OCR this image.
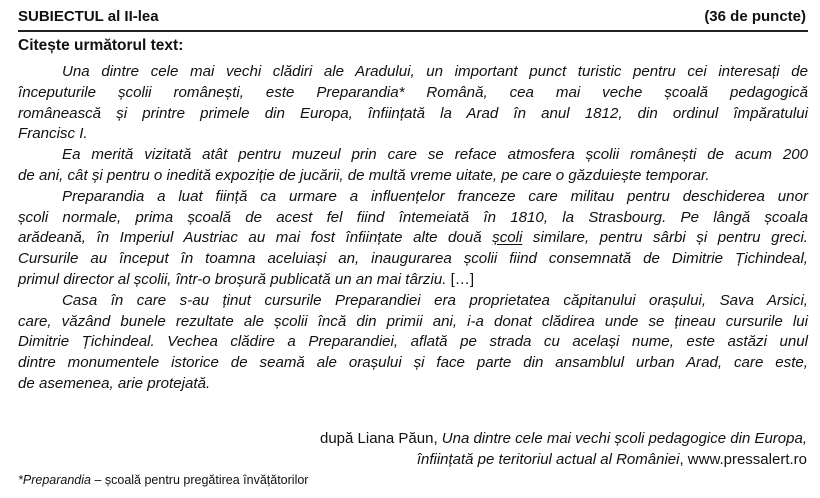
SUBIECTUL al II-lea	(36 de puncte)
Citește următorul text:
Una dintre cele mai vechi clădiri ale Aradului, un important punct turistic pentru cei interesați de
începuturile școlii românești, este Preparandia* Română, cea mai veche școală pedagogică
românească și printre primele din Europa, înființată la Arad în anul 1812, din ordinul împăratului
Francisc I.
Ea merită vizitată atât pentru muzeul prin care se reface atmosfera școlii românești de acum 200
de ani, cât și pentru o inedită expoziție de jucării, de multă vreme uitate, pe care o găzduiește temporar.
Preparandia a luat ființă ca urmare a influențelor franceze care militau pentru deschiderea unor
școli normale, prima școală de acest fel fiind întemeiată în 1810, la Strasbourg. Pe lângă școala
arădeană, în Imperiul Austriac au mai fost înființate alte două școli similare, pentru sârbi și pentru greci.
Cursurile au început în toamna aceluiași an, inaugurarea școlii fiind consemnată de Dimitrie Țichindeal,
primul director al școlii, într-o broșură publicată un an mai târziu. […]
Casa în care s-au ținut cursurile Preparandiei era proprietatea căpitanului orașului, Sava Arsici,
care, văzând bunele rezultate ale școlii încă din primii ani, i-a donat clădirea unde se țineau cursurile lui
Dimitrie Țichindeal. Vechea clădire a Preparandiei, aflată pe strada cu același nume, este astăzi unul
dintre monumentele istorice de seamă ale orașului și face parte din ansamblul urban Arad, care este,
de asemenea, arie protejată.
după Liana Păun, Una dintre cele mai vechi școli pedagogice din Europa,
înființată pe teritoriul actual al României, www.pressalert.ro
*Preparandia – școală pentru pregătirea învățătorilor
